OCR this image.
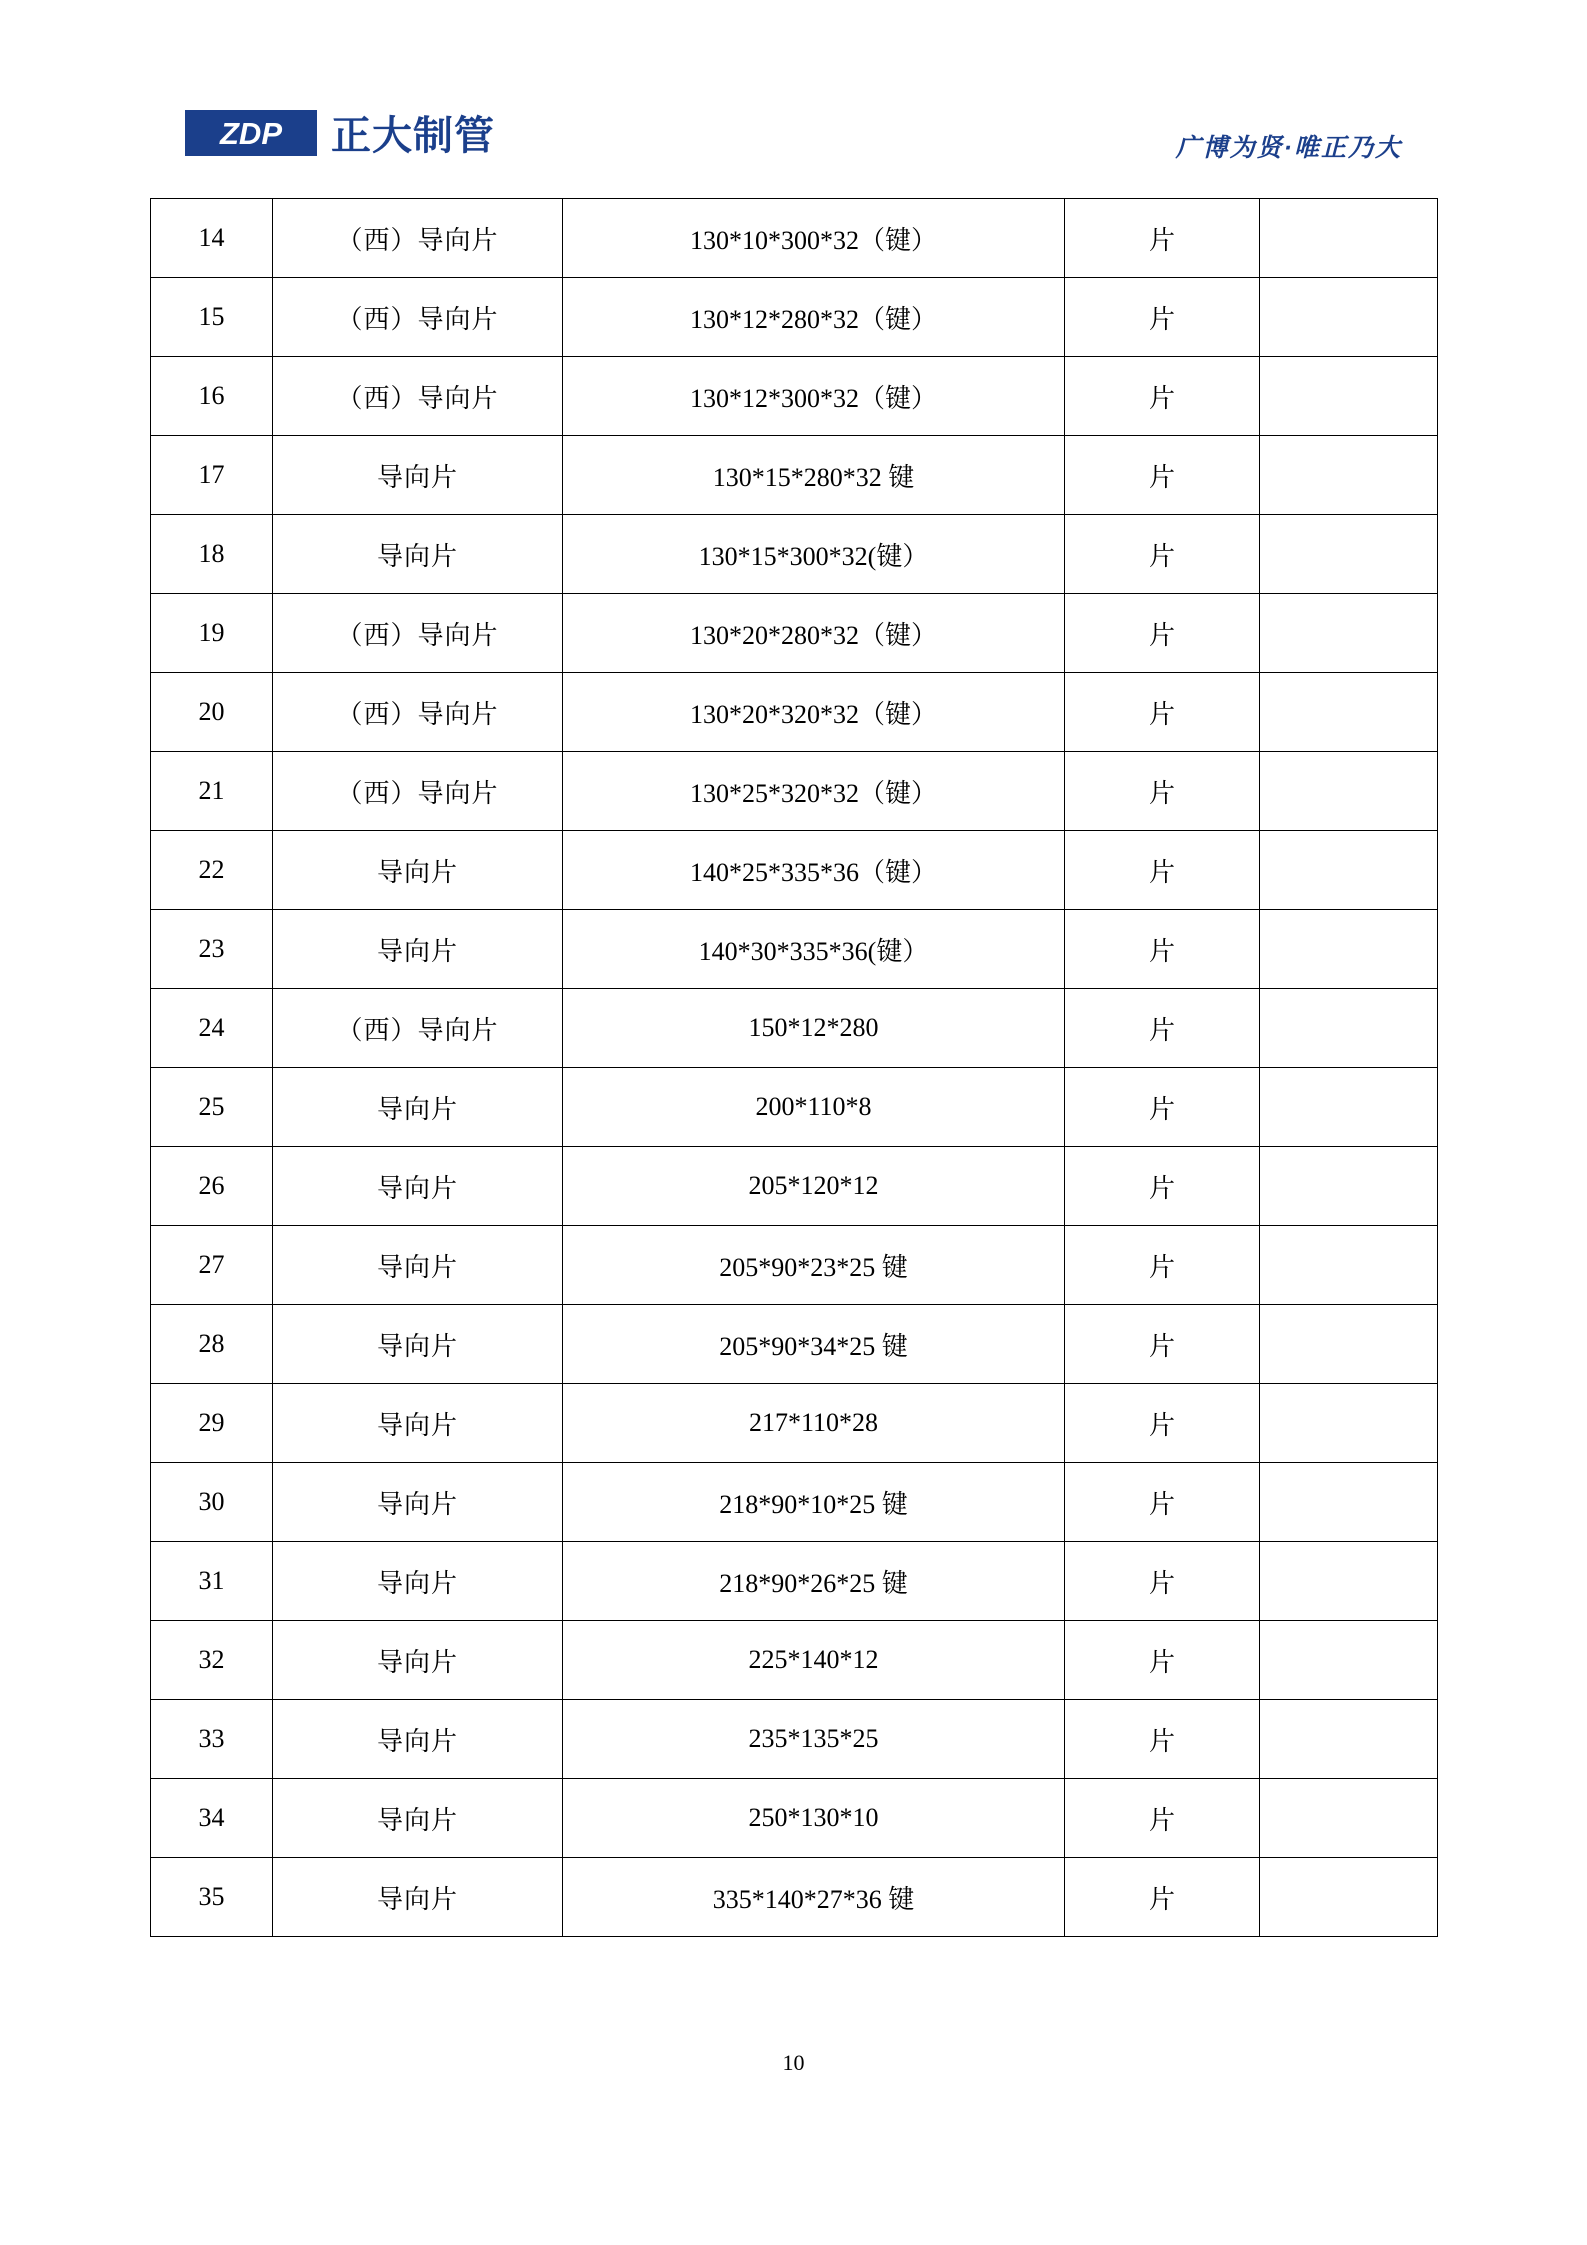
ZDP 正大制管	广博为贤·唯正乃大
14	（西）导向片	130*10*300*32（键）	片	
15	（西）导向片	130*12*280*32（键）	片	
16	（西）导向片	130*12*300*32（键）	片	
17	导向片	130*15*280*32 键	片	
18	导向片	130*15*300*32(键）	片	
19	（西）导向片	130*20*280*32（键）	片	
20	（西）导向片	130*20*320*32（键）	片	
21	（西）导向片	130*25*320*32（键）	片	
22	导向片	140*25*335*36（键）	片	
23	导向片	140*30*335*36(键）	片	
24	（西）导向片	150*12*280	片	
25	导向片	200*110*8	片	
26	导向片	205*120*12	片	
27	导向片	205*90*23*25 键	片	
28	导向片	205*90*34*25 键	片	
29	导向片	217*110*28	片	
30	导向片	218*90*10*25 键	片	
31	导向片	218*90*26*25 键	片	
32	导向片	225*140*12	片	
33	导向片	235*135*25	片	
34	导向片	250*130*10	片	
35	导向片	335*140*27*36 键	片	
10
